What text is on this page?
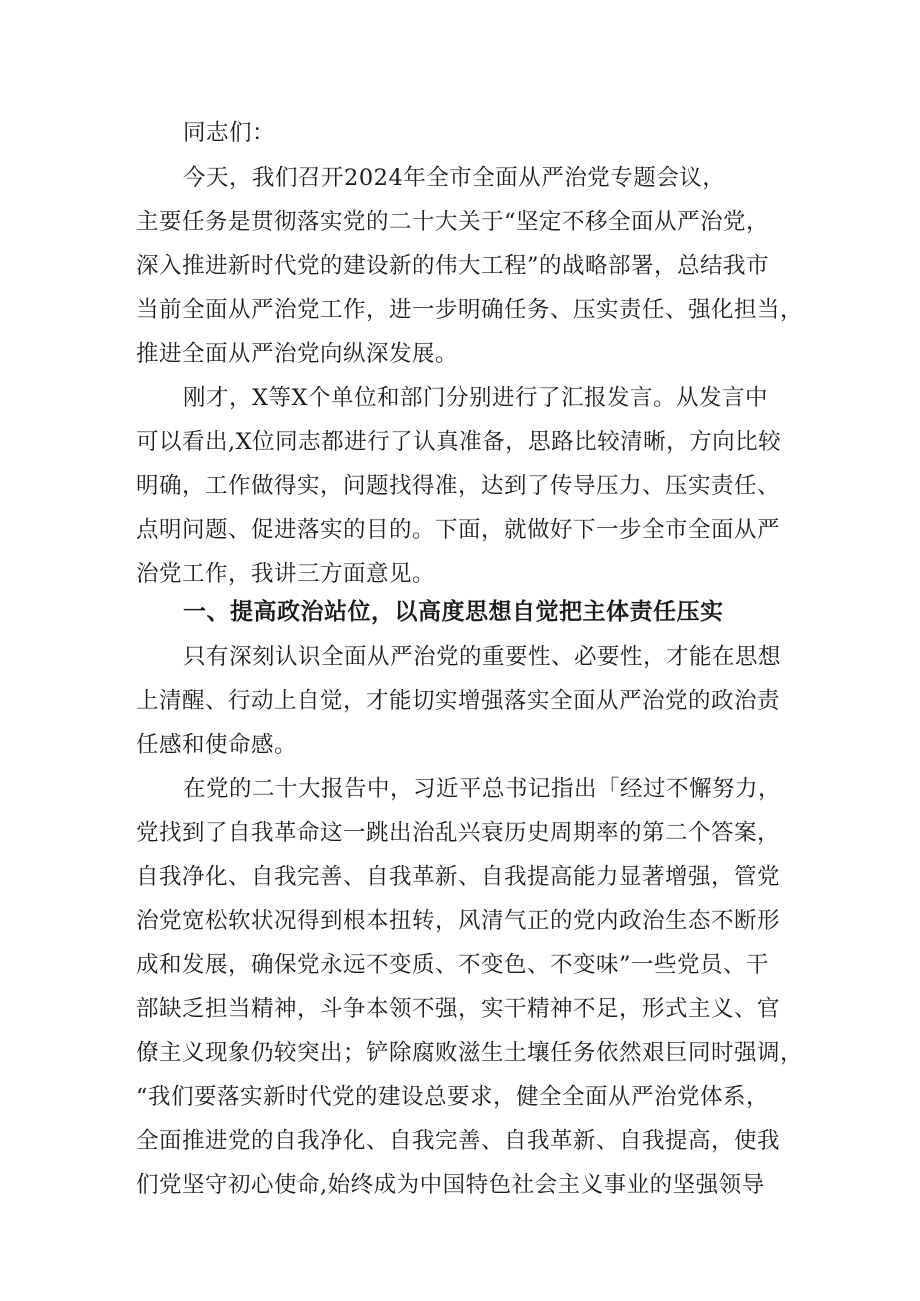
同志们：
今天，我们召开2024年全市全面从严治党专题会议，
主要任务是贯彻落实党的二十大关于“坚定不移全面从严治党，
深入推进新时代党的建设新的伟大工程”的战略部署，总结我市
当前全面从严治党工作，进一步明确任务、压实责任、强化担当，
推进全面从严治党向纵深发展。
刚才，X等X个单位和部门分别进行了汇报发言。从发言中
可以看出,X位同志都进行了认真准备，思路比较清晰，方向比较
明确，工作做得实，问题找得准，达到了传导压力、压实责任、
点明问题、促进落实的目的。下面，就做好下一步全市全面从严
治党工作，我讲三方面意见。
一、提高政治站位，以高度思想自觉把主体责任压实
只有深刻认识全面从严治党的重要性、必要性，才能在思想
上清醒、行动上自觉，才能切实增强落实全面从严治党的政治责
任感和使命感。
在党的二十大报告中，习近平总书记指出「经过不懈努力，
党找到了自我革命这一跳出治乱兴衰历史周期率的第二个答案，
自我净化、自我完善、自我革新、自我提高能力显著增强，管党
治党宽松软状况得到根本扭转，风清气正的党内政治生态不断形
成和发展，确保党永远不变质、不变色、不变味”一些党员、干
部缺乏担当精神，斗争本领不强，实干精神不足，形式主义、官
僚主义现象仍较突出；铲除腐败滋生土壤任务依然艰巨同时强调，
“我们要落实新时代党的建设总要求，健全全面从严治党体系，
全面推进党的自我净化、自我完善、自我革新、自我提高，使我
们党坚守初心使命,始终成为中国特色社会主义事业的坚强领导
